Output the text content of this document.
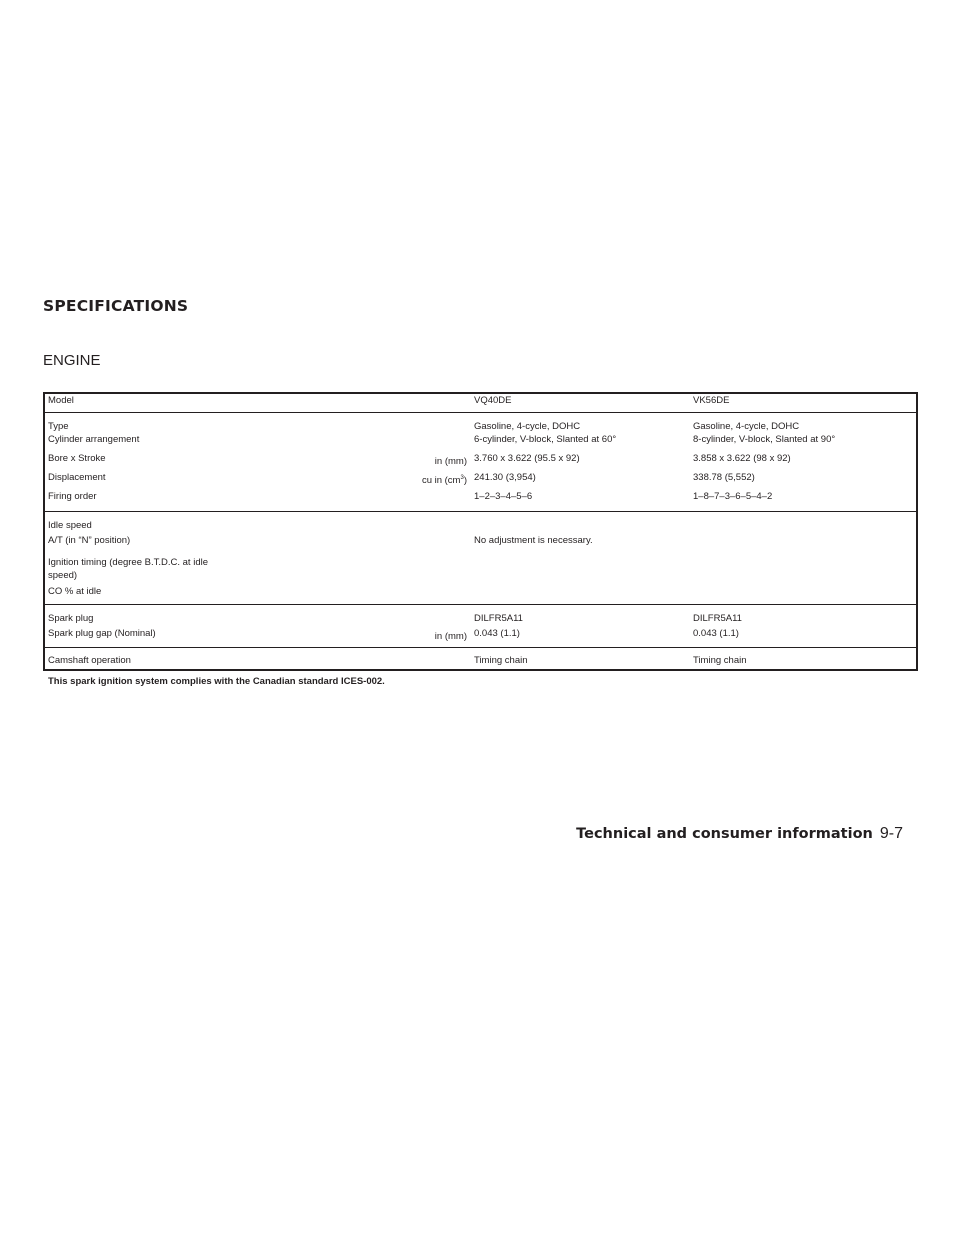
SPECIFICATIONS
ENGINE
Model	VQ40DE	VK56DE
Type	Gasoline, 4-cycle, DOHC	Gasoline, 4-cycle, DOHC
Cylinder arrangement	6-cylinder, V-block, Slanted at 60°	8-cylinder, V-block, Slanted at 90°
Bore x Stroke in (mm)	3.760 x 3.622 (95.5 x 92)	3.858 x 3.622 (98 x 92)
Displacement cu in $(cm^3)$	241.30 (3,954)	338.78 (5,552)
Firing order	1–2–3–4–5–6	1–8–7–3–6–5–4–2
Idle speed		
A/T (in “N” position)	No adjustment is necessary.	

Ignition timing (degree B.T.D.C. at idle speed)		

CO % at idle		
Spark plug	DILFR5A11	DILFR5A11
Spark plug gap (Nominal) in (mm)	0.043 (1.1)	0.043 (1.1)
Camshaft operation	Timing chain	Timing chain
This spark ignition system complies with the Canadian standard ICES-002.
Technical and consumer information 9-7
